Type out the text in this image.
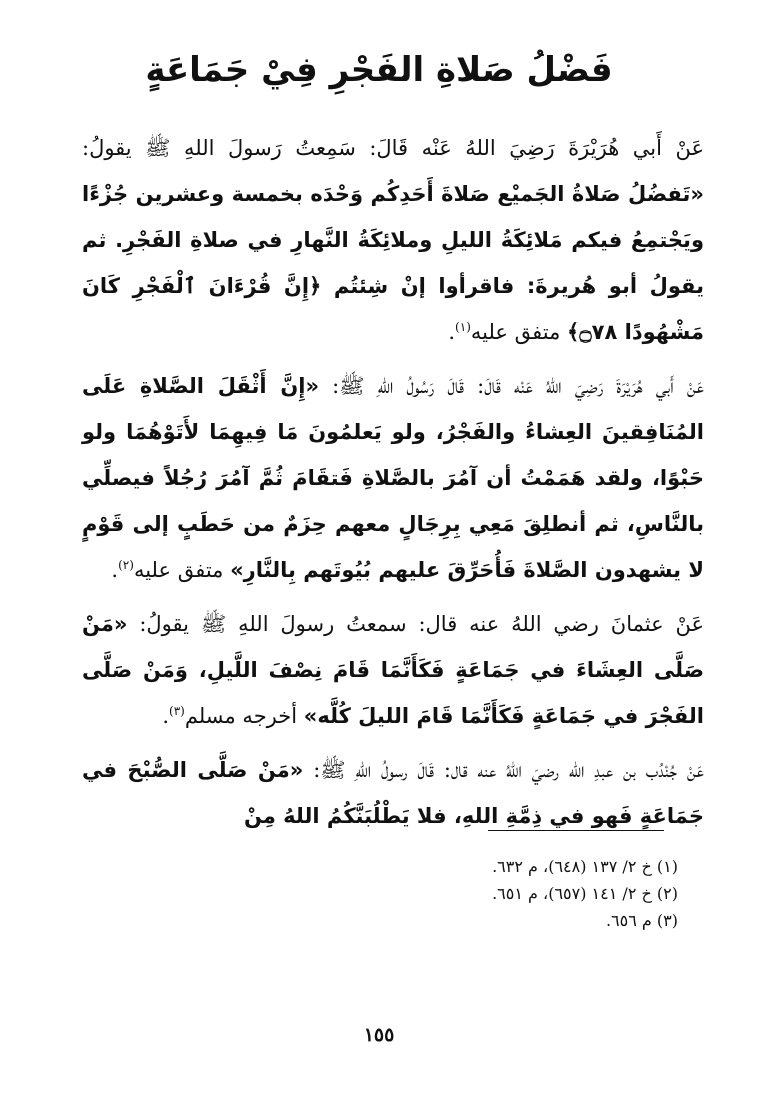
فَضْلُ صَلاةِ الفَجْرِ فِيْ جَمَاعَةٍ

عَنْ أَبي هُرَيْرَةَ رَضِيَ اللهُ عَنْه قَالَ: سَمِعتُ رَسولَ اللهِ ﷺ يقولُ: «تَفضُلُ صَلاةُ الجَميْع صَلاةَ أَحَدِكُم وَحْدَه بخمسة وعشرين جُزْءًا ويَجْتمِعُ فيكم مَلائِكَةُ الليلِ وملائِكَةُ النَّهارِ في صلاةِ الفَجْرِ. ثم يقولُ أبو هُريرةَ: فاقرأوا إنْ شِئتُم ﴿إِنَّ قُرْءَانَ ٱلْفَجْرِ كَانَ مَشْهُودًا ۝٧٨﴾ متفق عليه$^{(١)}$.

عَنْ أَبي هُرَيْرَةَ رَضِيَ اللهُ عَنْه قَالَ: قَالَ رَسُولُ اللهِ ﷺ: «إِنَّ أَثْقَلَ الصَّلاةِ عَلَى المُنَافِقينَ العِشاءُ والفَجْرُ، ولو يَعلمُونَ مَا فِيهِمَا لأَتَوْهُمَا ولو حَبْوًا، ولقد هَمَمْتُ أن آمُرَ بالصَّلاةِ فَتقَامَ ثُمَّ آمُرَ رُجُلاً فيصلِّي بالنَّاسِ، ثم أنطلِقَ مَعِي بِرِجَالٍ معهم حِزَمٌ من حَطَبٍ إلى قَوْمٍ لا يشهدون الصَّلاةَ فَأُحَرِّقَ عليهم بُيُوتَهم بِالنَّارِ» متفق عليه$^{(٢)}$.

عَنْ عثمانَ رضي اللهُ عنه قال: سمعتُ رسولَ اللهِ ﷺ يقولُ: «مَنْ صَلَّى العِشَاءَ في جَمَاعَةٍ فَكَأَنَّمَا قَامَ نِصْفَ اللَّيلِ، وَمَنْ صَلَّى الفَجْرَ في جَمَاعَةٍ فَكَأَنَّمَا قَامَ الليلَ كُلَّه» أخرجه مسلم$^{(٣)}$.

عَنْ جُنْدُب بن عبدِ الله رضيَ اللهُ عنه قال: قَالَ رسولُ اللهِ ﷺ: «مَنْ صَلَّى الصُّبْحَ في جَمَاعَةٍ فَهو في ذِمَّةِ اللهِ، فلا يَطْلُبَنَّكُمُ اللهُ مِنْ

(١) خ ٢/ ١٣٧ (٦٤٨)، م ٦٣٢.
(٢) خ ٢/ ١٤١ (٦٥٧)، م ٦٥١.
(٣) م ٦٥٦.
١٥٥
